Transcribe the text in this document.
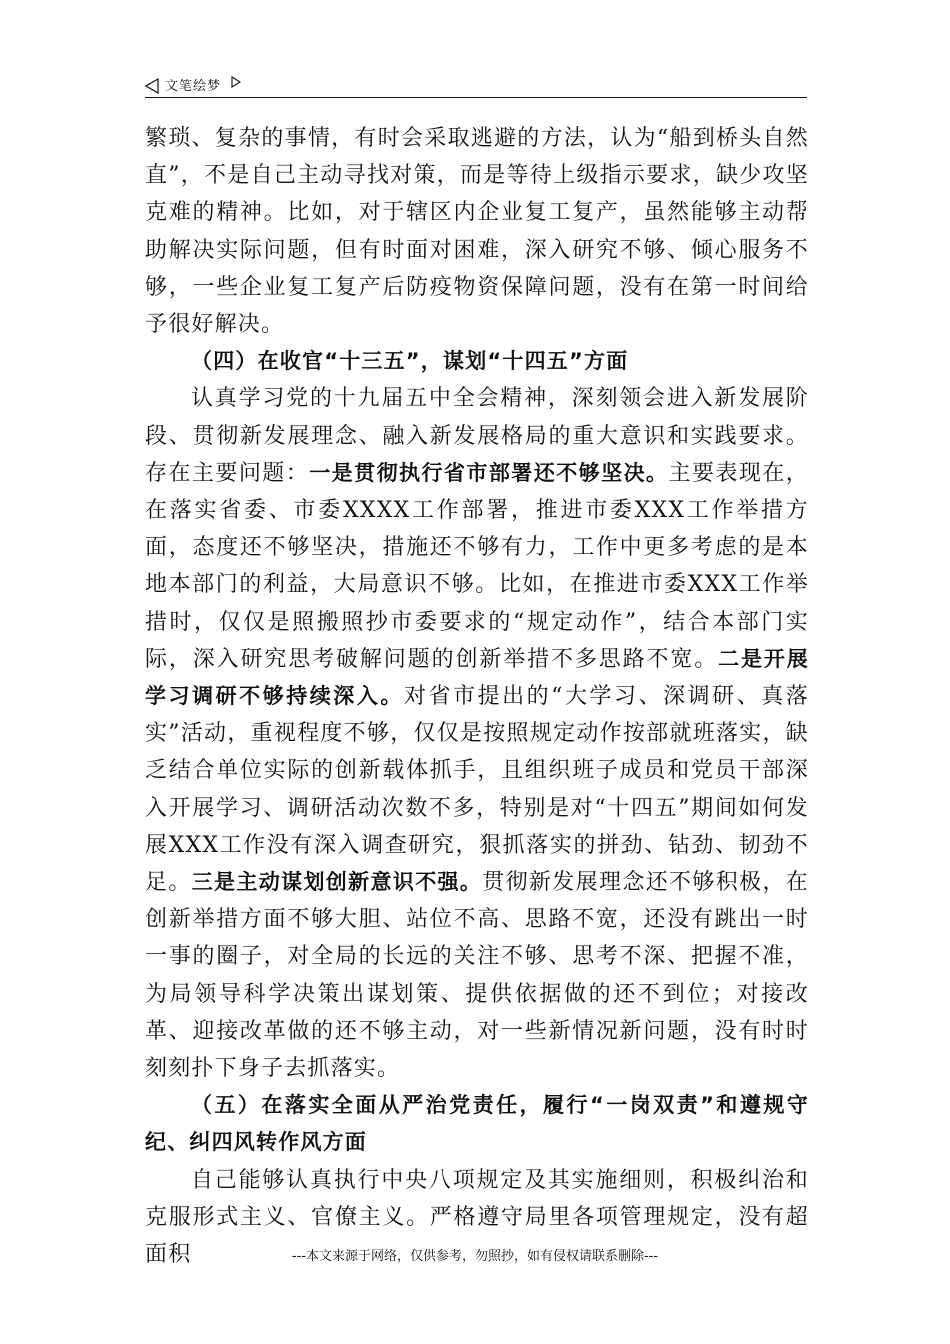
文笔绘梦

繁琐、复杂的事情，有时会采取逃避的方法，认为“船到桥头自然直”，不是自己主动寻找对策，而是等待上级指示要求，缺少攻坚克难的精神。比如，对于辖区内企业复工复产，虽然能够主动帮助解决实际问题，但有时面对困难，深入研究不够、倾心服务不够，一些企业复工复产后防疫物资保障问题，没有在第一时间给予很好解决。

（四）在收官“十三五”，谋划“十四五”方面

认真学习党的十九届五中全会精神，深刻领会进入新发展阶段、贯彻新发展理念、融入新发展格局的重大意识和实践要求。存在主要问题：一是贯彻执行省市部署还不够坚决。主要表现在，在落实省委、市委XXXX工作部署，推进市委XXX工作举措方面，态度还不够坚决，措施还不够有力，工作中更多考虑的是本地本部门的利益，大局意识不够。比如，在推进市委XXX工作举措时，仅仅是照搬照抄市委要求的“规定动作”，结合本部门实际，深入研究思考破解问题的创新举措不多思路不宽。二是开展学习调研不够持续深入。对省市提出的“大学习、深调研、真落实”活动，重视程度不够，仅仅是按照规定动作按部就班落实，缺乏结合单位实际的创新载体抓手，且组织班子成员和党员干部深入开展学习、调研活动次数不多，特别是对“十四五”期间如何发展XXX工作没有深入调查研究，狠抓落实的拼劲、钻劲、韧劲不足。三是主动谋划创新意识不强。贯彻新发展理念还不够积极，在创新举措方面不够大胆、站位不高、思路不宽，还没有跳出一时一事的圈子，对全局的长远的关注不够、思考不深、把握不准，为局领导科学决策出谋划策、提供依据做的还不到位；对接改革、迎接改革做的还不够主动，对一些新情况新问题，没有时时刻刻扑下身子去抓落实。

（五）在落实全面从严治党责任，履行“一岗双责”和遵规守纪、纠四风转作风方面

自己能够认真执行中央八项规定及其实施细则，积极纠治和克服形式主义、官僚主义。严格遵守局里各项管理规定，没有超面积	---本文来源于网络，仅供参考，勿照抄，如有侵权请联系删除---
